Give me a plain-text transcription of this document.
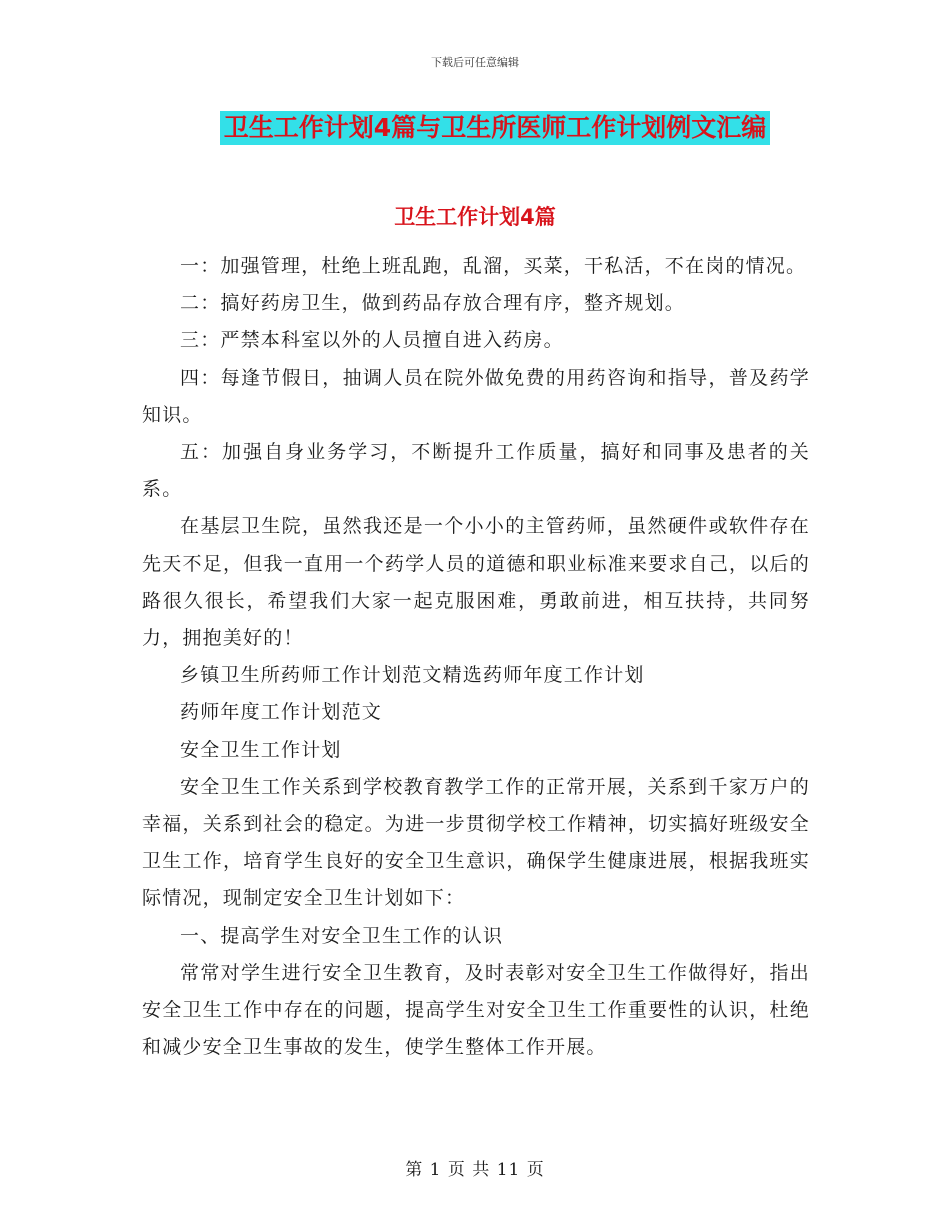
下载后可任意编辑
卫生工作计划4篇与卫生所医师工作计划例文汇编
卫生工作计划4篇

一：加强管理，杜绝上班乱跑，乱溜，买菜，干私活，不在岗的情况。

二：搞好药房卫生，做到药品存放合理有序，整齐规划。

三：严禁本科室以外的人员擅自进入药房。

四：每逢节假日，抽调人员在院外做免费的用药咨询和指导，普及药学知识。

五：加强自身业务学习，不断提升工作质量，搞好和同事及患者的关系。

在基层卫生院，虽然我还是一个小小的主管药师，虽然硬件或软件存在先天不足，但我一直用一个药学人员的道德和职业标准来要求自己，以后的路很久很长，希望我们大家一起克服困难，勇敢前进，相互扶持，共同努力，拥抱美好的！

乡镇卫生所药师工作计划范文精选药师年度工作计划

药师年度工作计划范文

安全卫生工作计划

安全卫生工作关系到学校教育教学工作的正常开展，关系到千家万户的幸福，关系到社会的稳定。为进一步贯彻学校工作精神，切实搞好班级安全卫生工作，培育学生良好的安全卫生意识，确保学生健康进展，根据我班实际情况，现制定安全卫生计划如下：

一、提高学生对安全卫生工作的认识

常常对学生进行安全卫生教育，及时表彰对安全卫生工作做得好，指出安全卫生工作中存在的问题，提高学生对安全卫生工作重要性的认识，杜绝和减少安全卫生事故的发生，使学生整体工作开展。

第 1 页 共 11 页
